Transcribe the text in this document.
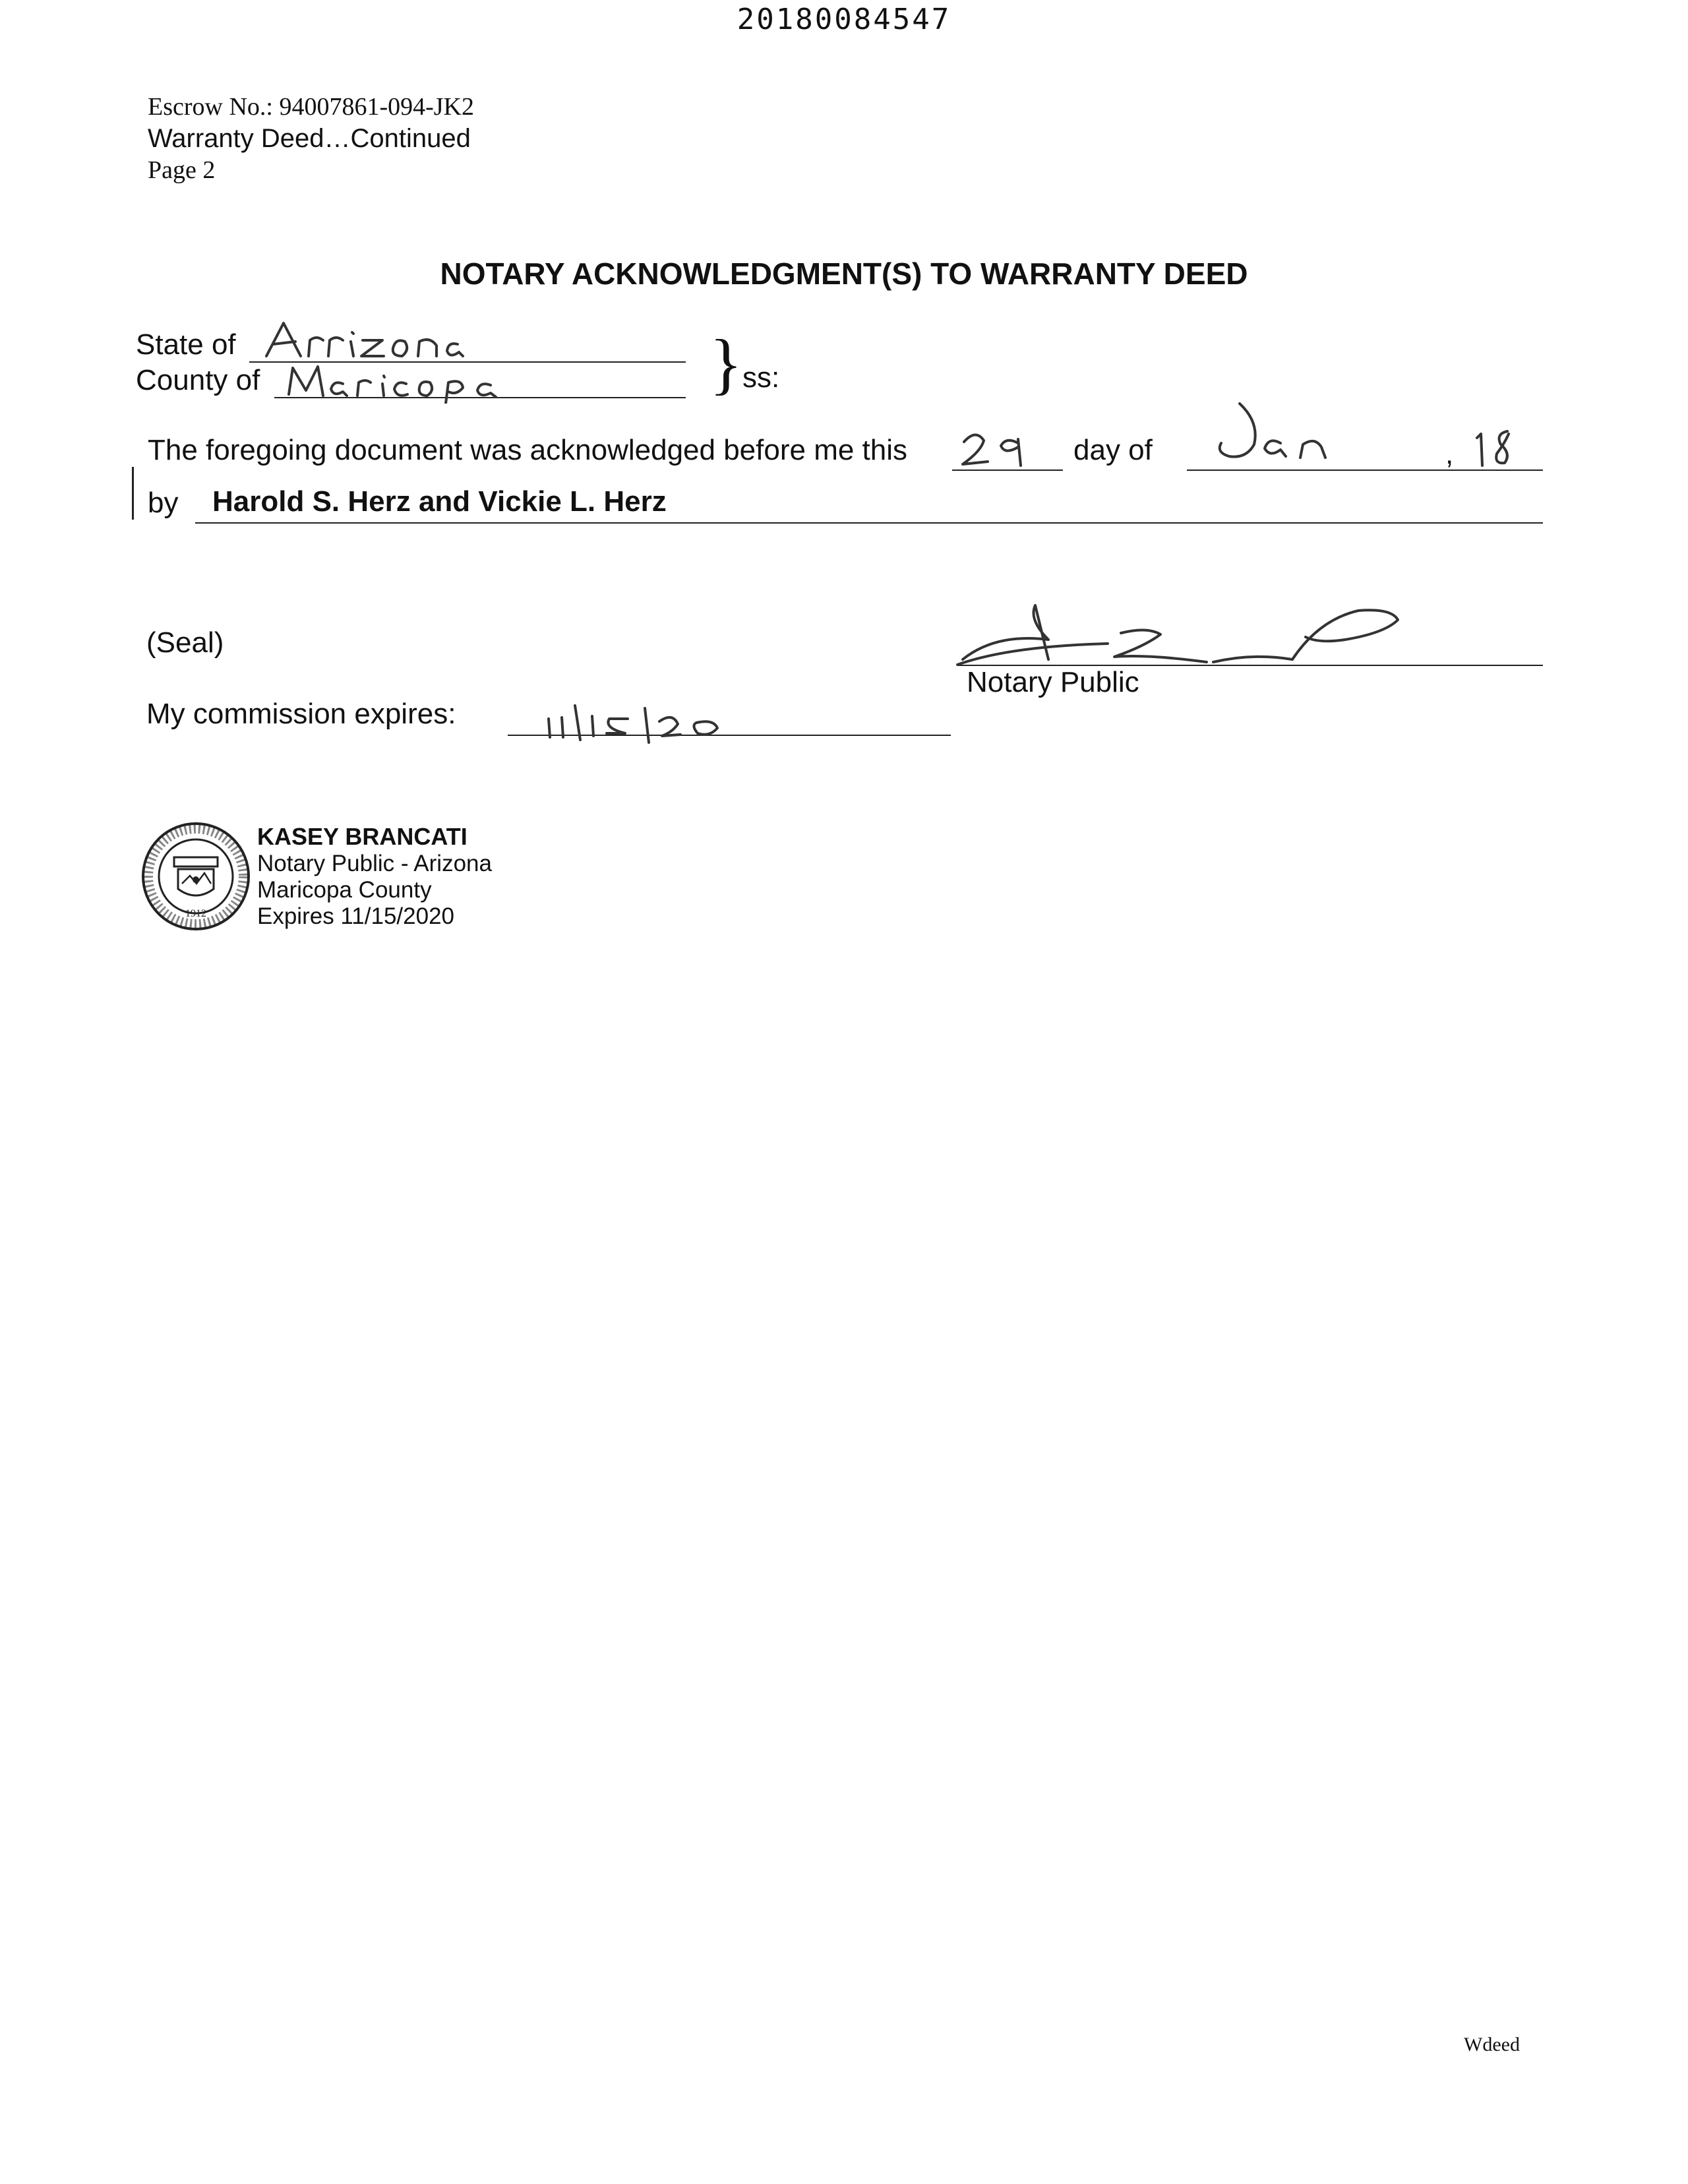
20180084547
Escrow No.: 94007861-094-JK2
Warranty Deed…Continued
Page 2
NOTARY ACKNOWLEDGMENT(S) TO WARRANTY DEED
State of
County of	} ss:
The foregoing document was acknowledged before me this	day of	,
by Harold S. Herz and Vickie L. Herz
(Seal)
Notary Public
My commission expires:
1912
KASEY BRANCATI
Notary Public - Arizona
Maricopa County
Expires 11/15/2020
Wdeed
